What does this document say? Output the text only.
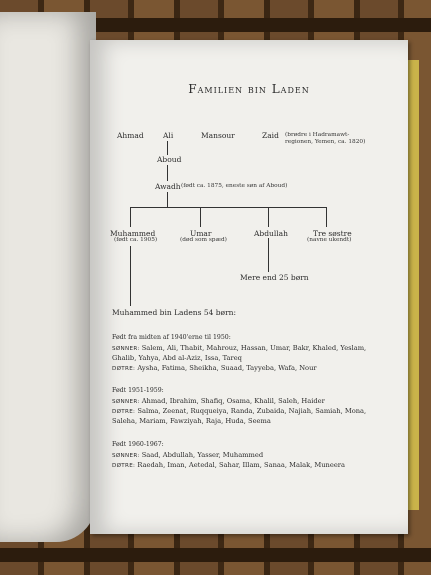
Familien bin Laden
Ahmad	Ali	Mansour	Zaid (brødre i Hadramawt-
regionen, Yemen, ca. 1820)
Aboud
Awadh (født ca. 1875, eneste søn af Aboud)
Muhammed
(født ca. 1905)
Umar
(død som spæd)
Abdullah	Tre søstre
(navne ukendt)
Mere end 25 børn
Muhammed bin Ladens 54 børn:
Født fra midten af 1940'erne til 1950:
SØNNER: Salem, Ali, Thabit, Mahrouz, Hassan, Umar, Bakr, Khaled, Yeslam,
Ghalib, Yahya, Abd al-Aziz, Issa, Tareq
DØTRE: Aysha, Fatima, Sheikha, Suaad, Tayyeba, Wafa, Nour
Født 1951-1959:
SØNNER: Ahmad, Ibrahim, Shafiq, Osama, Khalil, Saleh, Haider
DØTRE: Salma, Zeenat, Ruqqueiya, Randa, Zubaida, Najiah, Samiah, Mona,
Saleha, Mariam, Fawziyah, Raja, Huda, Seema
Født 1960-1967:
SØNNER: Saad, Abdullah, Yasser, Muhammed
DØTRE: Raedah, Iman, Aetedal, Sahar, Illam, Sanaa, Malak, Muneera
